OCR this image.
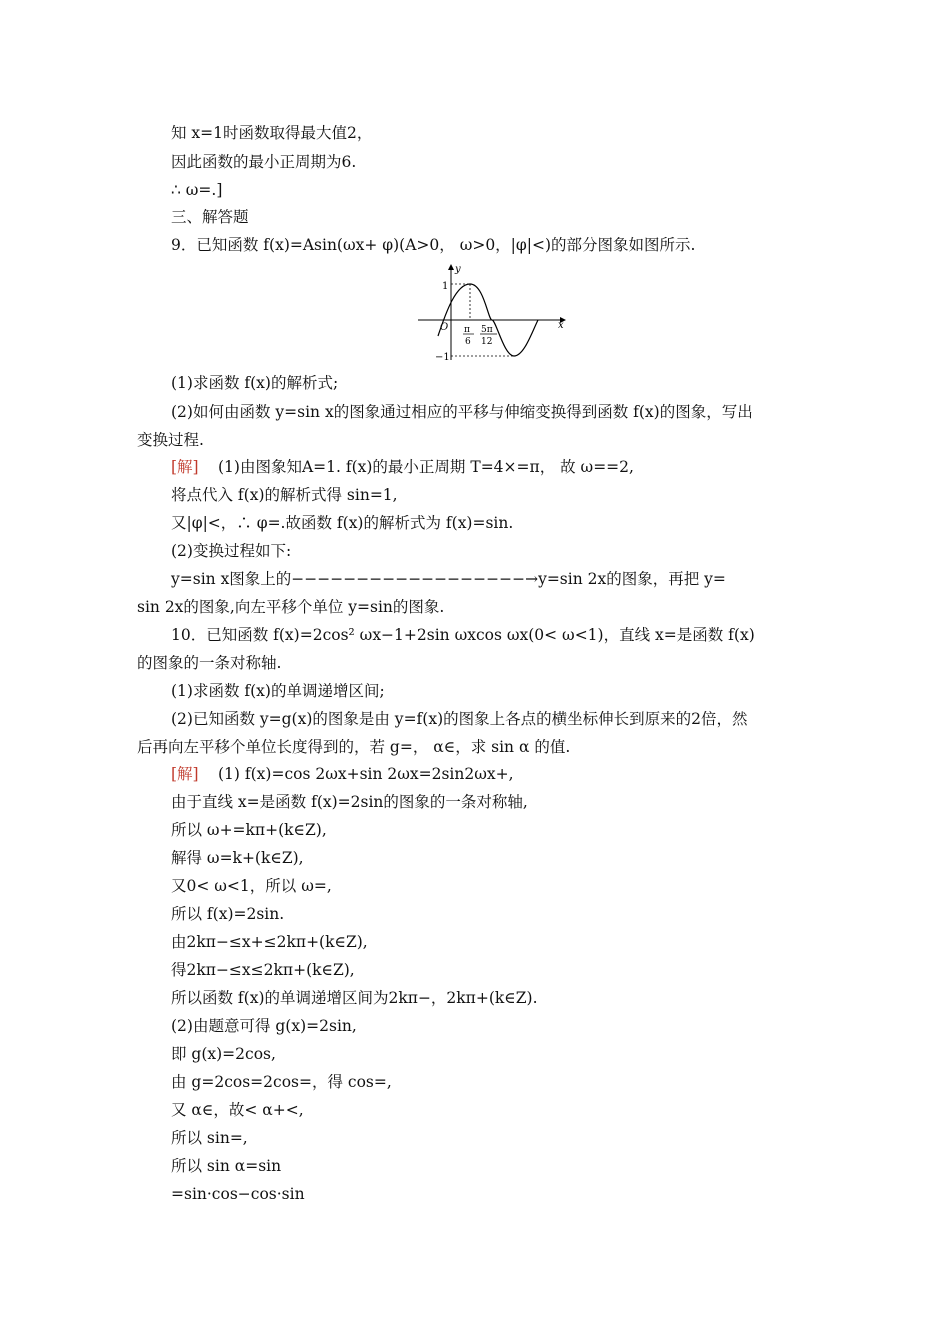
知 x=1时函数取得最大值2，
因此函数的最小正周期为6.
∴ ω=.]
三、解答题
9．已知函数 f(x)=Asin(ωx+ φ)(A>0， ω>0，|φ|<)的部分图象如图所示.
y
x
O
1
−1
π
6
5π
12
(1)求函数 f(x)的解析式;
(2)如何由函数 y=sin x的图象通过相应的平移与伸缩变换得到函数 f(x)的图象，写出
变换过程.
[解] (1)由图象知A=1. f(x)的最小正周期 T=4×=π， 故 ω==2,
将点代入 f(x)的解析式得 sin=1,
又|φ|<，∴ φ=.故函数 f(x)的解析式为 f(x)=sin.
(2)变换过程如下:
y=sin x图象上的−−−−−−−−−−−−−−−−−−→y=sin 2x的图象，再把 y=
sin 2x的图象,向左平移个单位 y=sin的图象.
10．已知函数 f(x)=2cos² ωx−1+2sin ωxcos ωx(0< ω<1)，直线 x=是函数 f(x)
的图象的一条对称轴.
(1)求函数 f(x)的单调递增区间;
(2)已知函数 y=g(x)的图象是由 y=f(x)的图象上各点的横坐标伸长到原来的2倍，然
后再向左平移个单位长度得到的，若 g=， α∈，求 sin α 的值.
[解] (1) f(x)=cos 2ωx+sin 2ωx=2sin2ωx+,
由于直线 x=是函数 f(x)=2sin的图象的一条对称轴,
所以 ω+=kπ+(k∈Z),
解得 ω=k+(k∈Z),
又0< ω<1，所以 ω=,
所以 f(x)=2sin.
由2kπ−≤x+≤2kπ+(k∈Z),
得2kπ−≤x≤2kπ+(k∈Z),
所以函数 f(x)的单调递增区间为2kπ−，2kπ+(k∈Z).
(2)由题意可得 g(x)=2sin,
即 g(x)=2cos,
由 g=2cos=2cos=，得 cos=,
又 α∈，故< α+<,
所以 sin=,
所以 sin α=sin
=sin·cos−cos·sin
